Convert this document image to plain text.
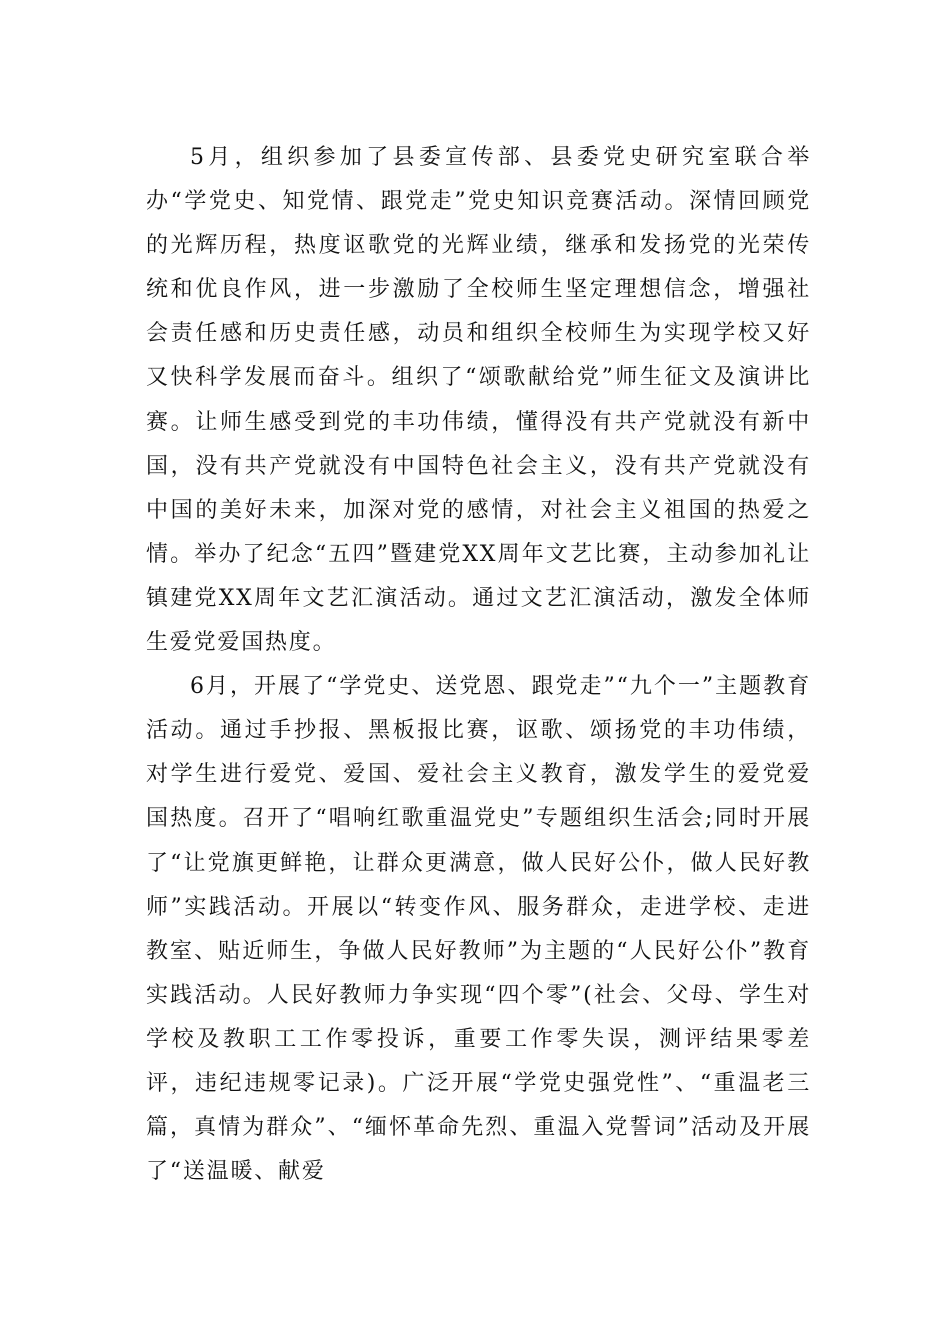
5月，组织参加了县委宣传部、县委党史研究室联合举办“学党史、知党情、跟党走”党史知识竞赛活动。深情回顾党的光辉历程，热度讴歌党的光辉业绩，继承和发扬党的光荣传统和优良作风，进一步激励了全校师生坚定理想信念，增强社会责任感和历史责任感，动员和组织全校师生为实现学校又好又快科学发展而奋斗。组织了“颂歌献给党”师生征文及演讲比赛。让师生感受到党的丰功伟绩，懂得没有共产党就没有新中国，没有共产党就没有中国特色社会主义，没有共产党就没有中国的美好未来，加深对党的感情，对社会主义祖国的热爱之情。举办了纪念“五四”暨建党XX周年文艺比赛，主动参加礼让镇建党XX周年文艺汇演活动。通过文艺汇演活动，激发全体师生爱党爱国热度。

6月，开展了“学党史、送党恩、跟党走”“九个一”主题教育活动。通过手抄报、黑板报比赛，讴歌、颂扬党的丰功伟绩，对学生进行爱党、爱国、爱社会主义教育，激发学生的爱党爱国热度。召开了“唱响红歌重温党史”专题组织生活会;同时开展了“让党旗更鲜艳，让群众更满意，做人民好公仆，做人民好教师”实践活动。开展以“转变作风、服务群众，走进学校、走进教室、贴近师生，争做人民好教师”为主题的“人民好公仆”教育实践活动。人民好教师力争实现“四个零”(社会、父母、学生对学校及教职工工作零投诉，重要工作零失误，测评结果零差评，违纪违规零记录)。广泛开展“学党史强党性”、“重温老三篇，真情为群众”、“缅怀革命先烈、重温入党誓词”活动及开展了“送温暖、献爱
